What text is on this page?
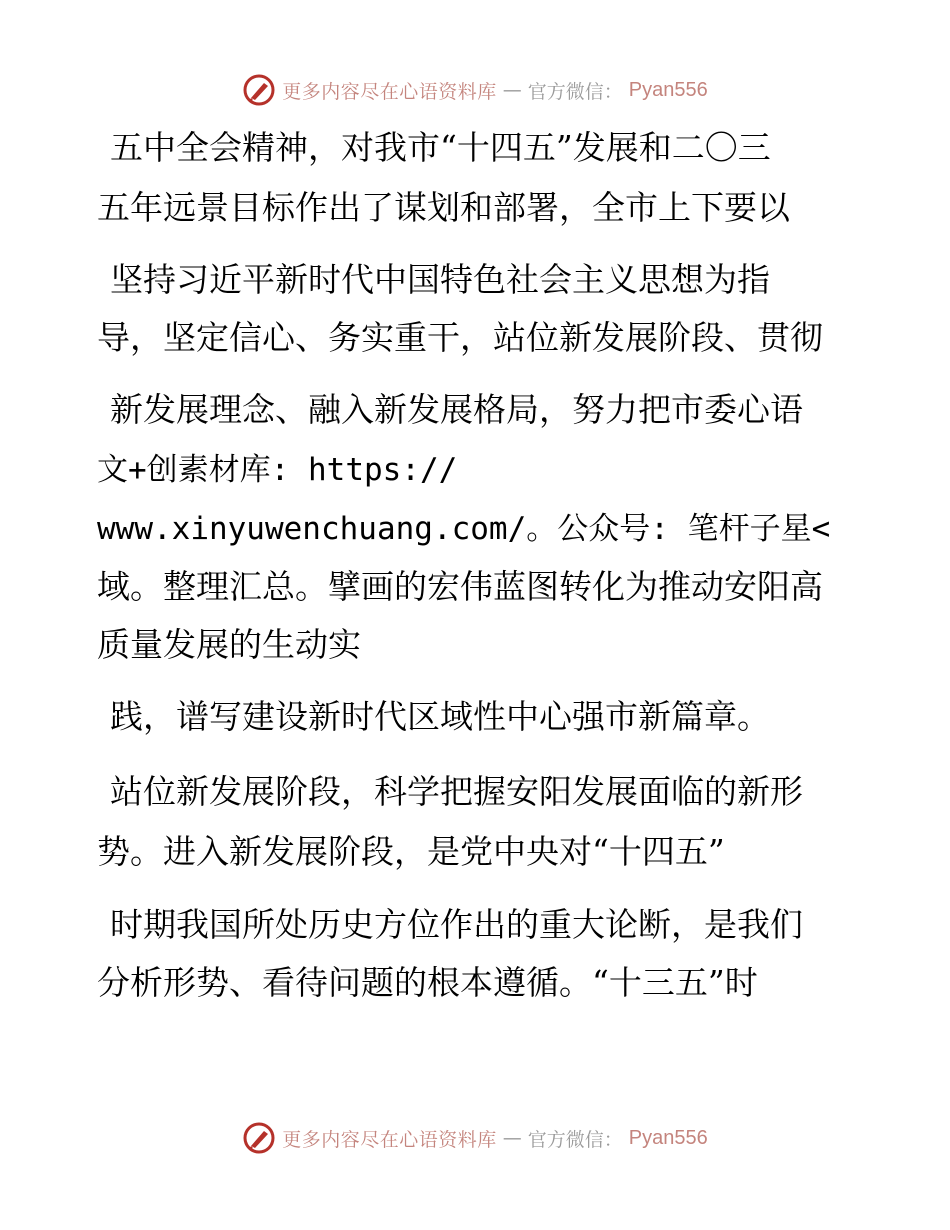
更多内容尽在心语资料库 — 官方微信： Pyan556
五中全会精神，对我市“十四五”发展和二〇三
五年远景目标作出了谋划和部署，全市上下要以
坚持习近平新时代中国特色社会主义思想为指
导，坚定信心、务实重干，站位新发展阶段、贯彻
新发展理念、融入新发展格局，努力把市委心语
文+创素材库: https://
www.xinyuwenchuang.com/。公众号: 笔杆子星<
域。整理汇总。擘画的宏伟蓝图转化为推动安阳高
质量发展的生动实
践，谱写建设新时代区域性中心强市新篇章。
站位新发展阶段，科学把握安阳发展面临的新形
势。进入新发展阶段，是党中央对“十四五”
时期我国所处历史方位作出的重大论断，是我们
分析形势、看待问题的根本遵循。“十三五”时
更多内容尽在心语资料库 — 官方微信： Pyan556
